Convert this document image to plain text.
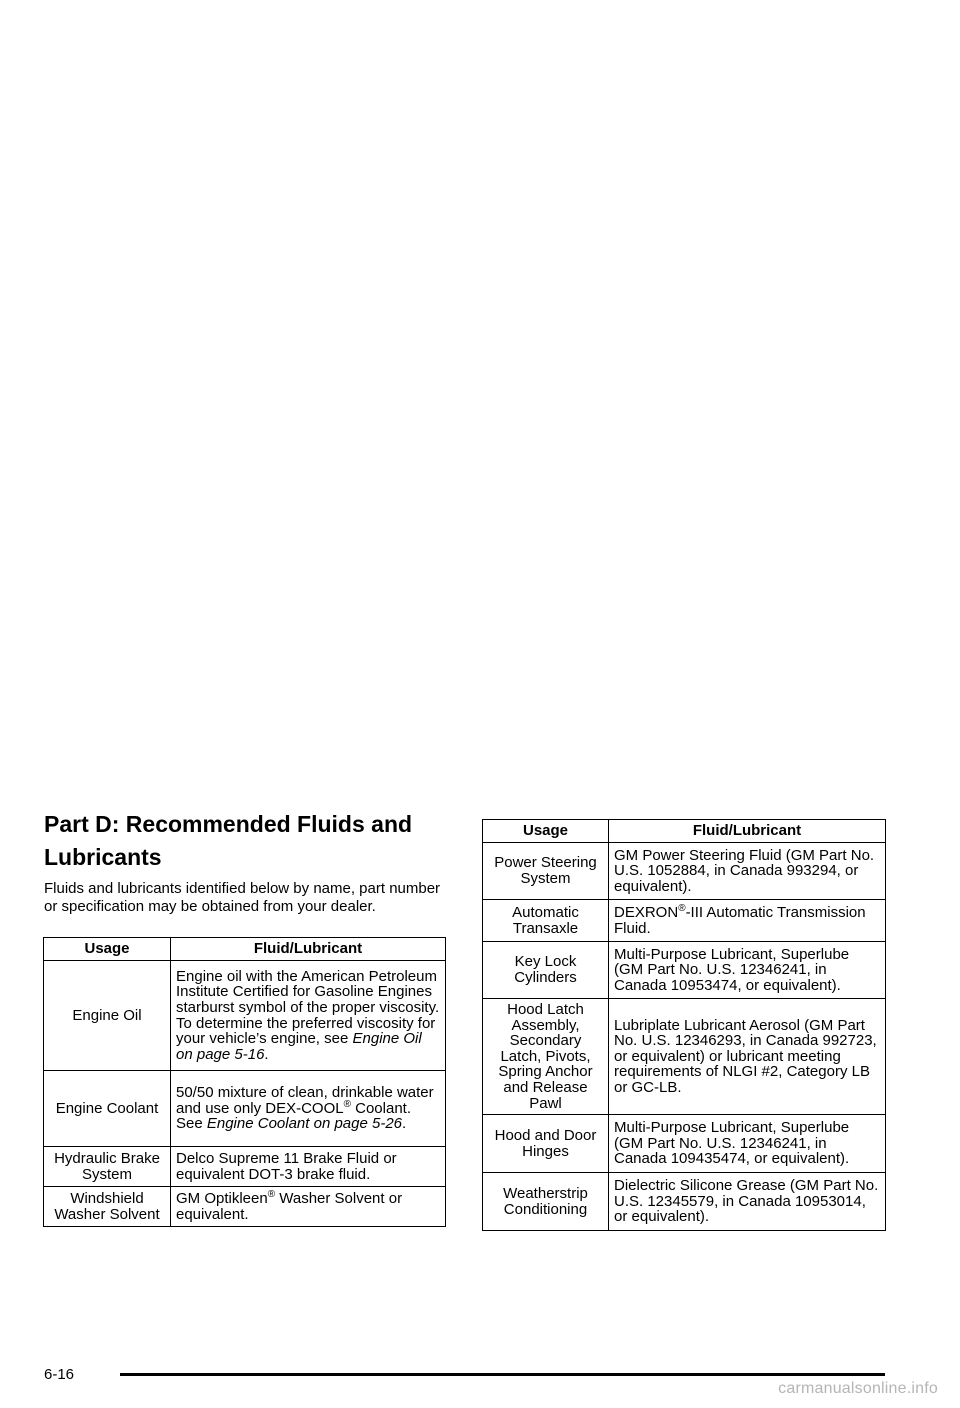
Part D: Recommended Fluids and Lubricants

Fluids and lubricants identified below by name, part number or specification may be obtained from your dealer.

Usage	Fluid/Lubricant
Engine Oil	Engine oil with the American Petroleum Institute Certified for Gasoline Engines starburst symbol of the proper viscosity. To determine the preferred viscosity for your vehicle’s engine, see Engine Oil on page 5-16.
Engine Coolant	50/50 mixture of clean, drinkable water and use only DEX-COOL® Coolant. See Engine Coolant on page 5-26.
Hydraulic Brake System	Delco Supreme 11 Brake Fluid or equivalent DOT-3 brake fluid.
Windshield Washer Solvent	GM Optikleen® Washer Solvent or equivalent.
Usage	Fluid/Lubricant
Power Steering System	GM Power Steering Fluid (GM Part No. U.S. 1052884, in Canada 993294, or equivalent).
Automatic Transaxle	DEXRON®-III Automatic Transmission Fluid.
Key Lock Cylinders	Multi-Purpose Lubricant, Superlube (GM Part No. U.S. 12346241, in Canada 10953474, or equivalent).
Hood Latch Assembly, Secondary Latch, Pivots, Spring Anchor and Release Pawl	Lubriplate Lubricant Aerosol (GM Part No. U.S. 12346293, in Canada 992723, or equivalent) or lubricant meeting requirements of NLGI #2, Category LB or GC-LB.
Hood and Door Hinges	Multi-Purpose Lubricant, Superlube (GM Part No. U.S. 12346241, in Canada 109435474, or equivalent).
Weatherstrip Conditioning	Dielectric Silicone Grease (GM Part No. U.S. 12345579, in Canada 10953014, or equivalent).
6-16
carmanualsonline.info
